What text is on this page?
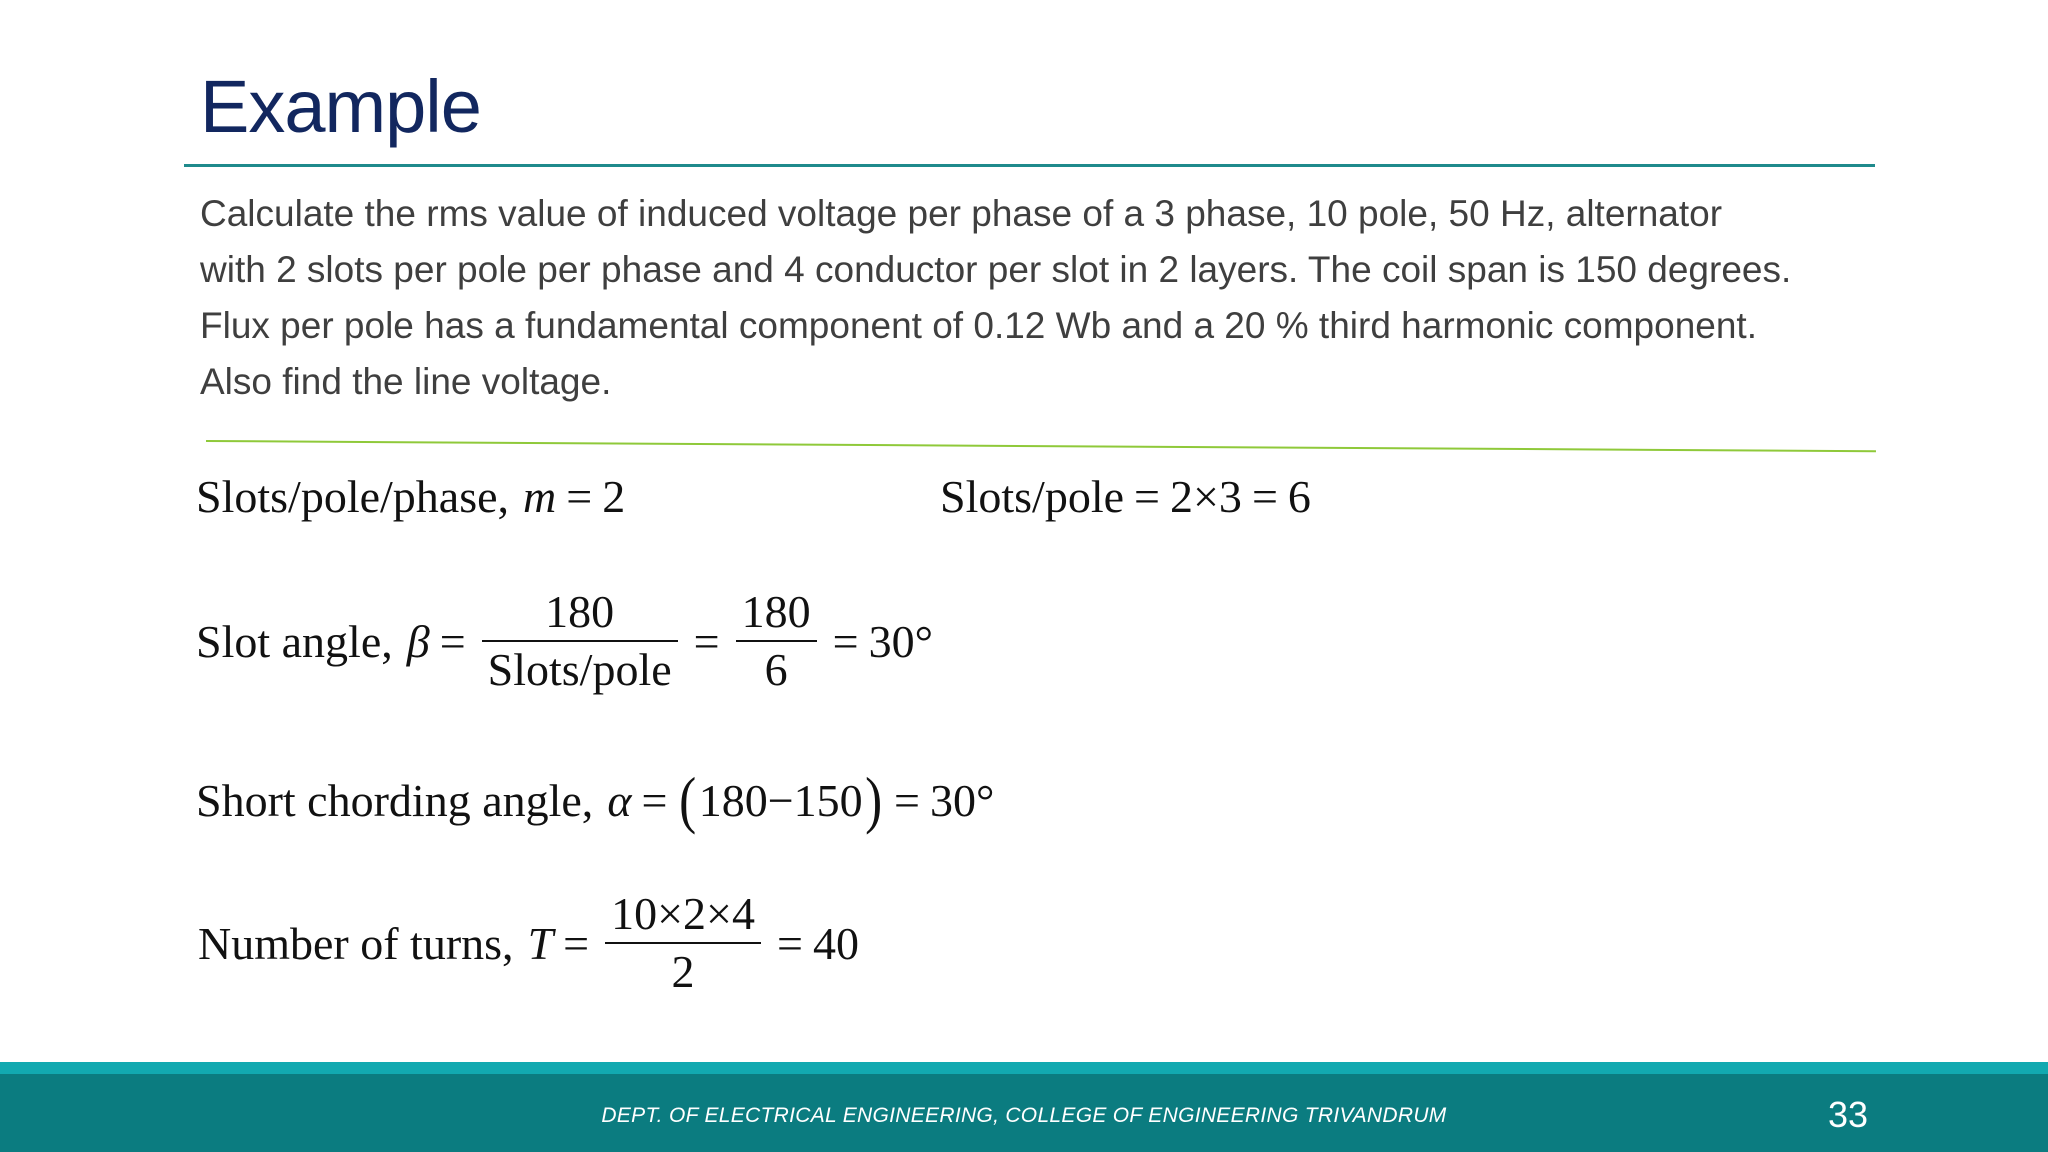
Example
Calculate the rms value of induced voltage per phase of a 3 phase, 10 pole, 50 Hz, alternator
with 2 slots per pole per phase and 4 conductor per slot in 2 layers. The coil span is 150 degrees.
Flux per pole has a fundamental component of 0.12 Wb and a 20 % third harmonic component.
Also find the line voltage.
Slots/pole/phase, m = 2	Slots/pole = 2×3 = 6
Slot angle, $\beta = \frac{180}{\text{Slots/pole}} = \frac{180}{6} = 30^\circ$
Short chording angle, α = ( 180−150 ) = 30°
Number of turns, $T = \frac{10\times 2\times 4}{2} = 40$
DEPT. OF ELECTRICAL ENGINEERING, COLLEGE OF ENGINEERING TRIVANDRUM	33
